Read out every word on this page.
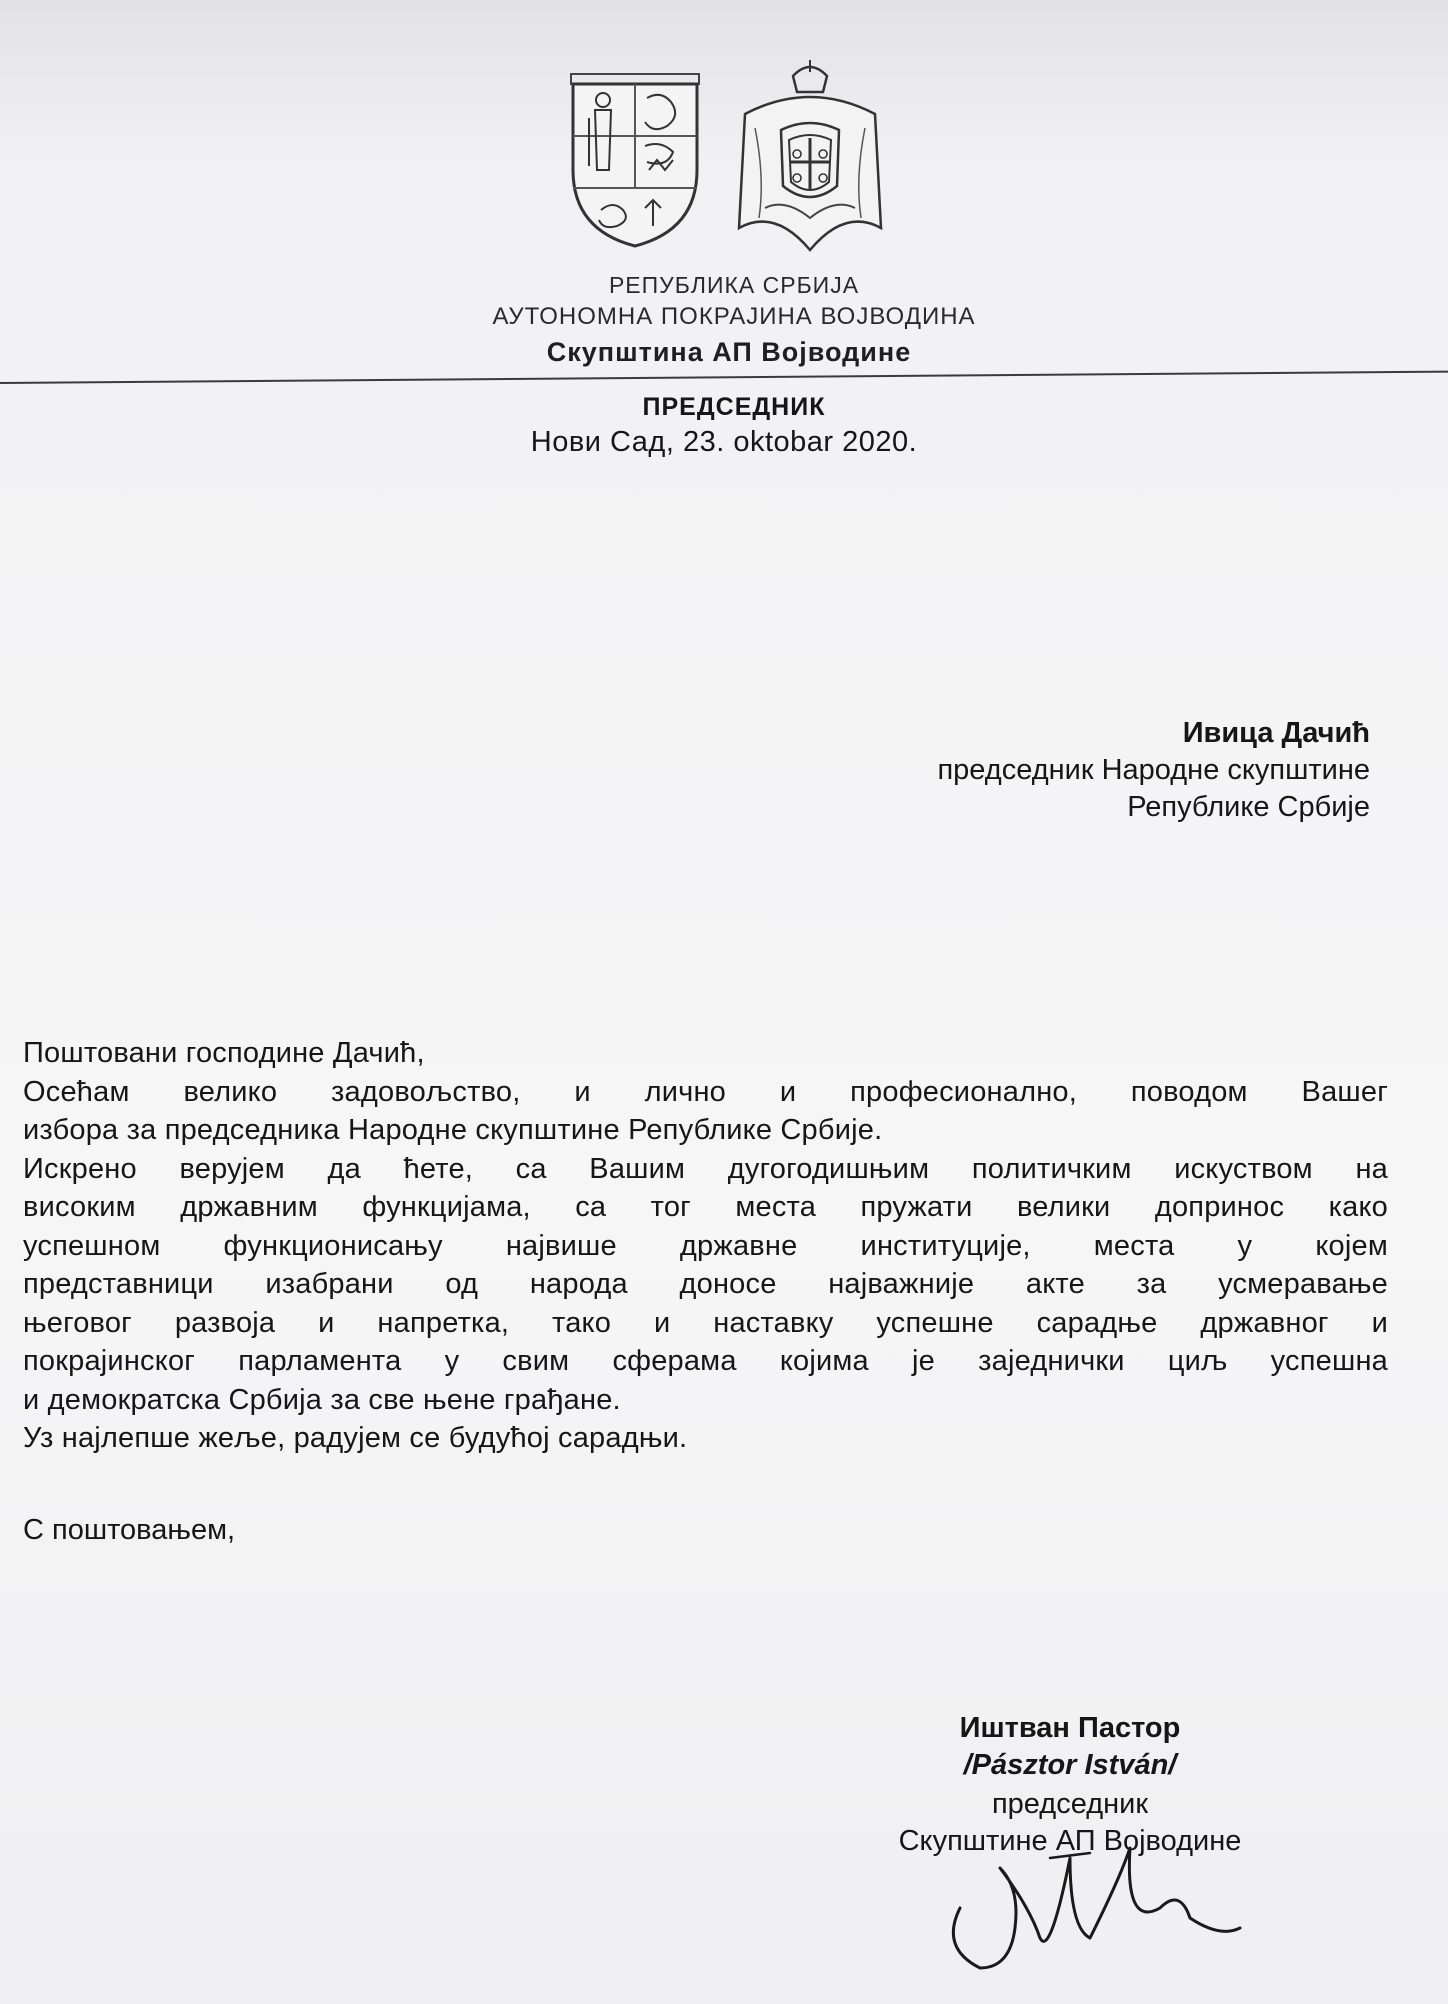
РЕПУБЛИКА СРБИЈА
АУТОНОМНА ПОКРАЈИНА ВОЈВОДИНА
Скупштина АП Војводине
ПРЕДСЕДНИК
Нови Сад, 23. oktobar 2020.
Ивица Дачић
председник Народне скупштине
Републике Србије

Поштовани господине Дачић,

Осећам велико задовољство, и лично и професионално, поводом Вашег

избора за председника Народне скупштине Републике Србије.

Искрено верујем да ћете, са Вашим дугогодишњим политичким искуством на

високим државним функцијама, са тог места пружати велики допринос како

успешном функционисању највише државне институције, места у којем

представници изабрани од народа доносе најважније акте за усмеравање

његовог развоја и напретка, тако и наставку успешне сарадње државног и

покрајинског парламента у свим сферама којима је заједнички циљ успешна

и демократска Србија за све њене грађане.

Уз најлепше жеље, радујем се будућој сарадњи.

С поштовањем,
Иштван Пастор
/Pásztor István/
председник
Скупштине АП Војводине
